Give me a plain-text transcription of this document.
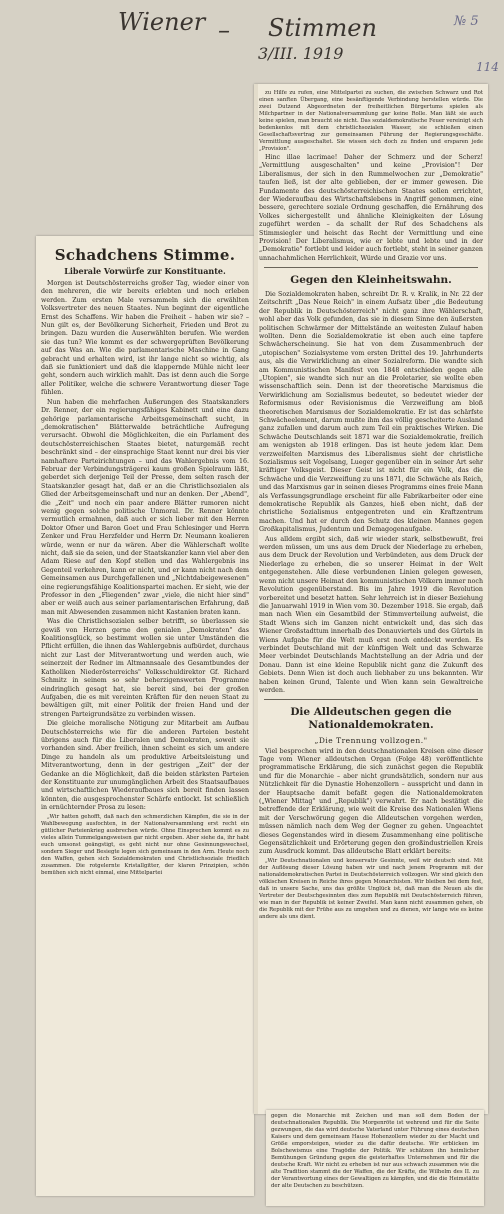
Wiener – Stimmen
3/III. 1919
№ 5
114
Schadchens Stimme.
Liberale Vorwürfe zur Konstituante.

Morgen ist Deutschösterreichs großer Tag, wieder einer von den mehreren, die wir bereits erlebten und noch erleben werden. Zum ersten Male versammeln sich die erwählten Volksvertreter des neuen Staates. Nun beginnt der eigentliche Ernst des Schaffens. Wir haben die Freiheit – haben wir sie? – Nun gilt es, der Bevölkerung Sicherheit, Frieden und Brot zu bringen. Dazu wurden die Auserwählten berufen. Wie werden sie das tun? Wie kommt es der schwergeprüften Bevölkerung auf das Was an. Wie die parlamentarische Maschine in Gang gebracht und erhalten wird, ist ihr lange nicht so wichtig, als daß sie funktioniert und daß die klappernde Mühle nicht leer geht, sondern auch wirklich mahlt. Das ist denn auch die Sorge aller Politiker, welche die schwere Verantwortung dieser Tage fühlen.

Nun haben die mehrfachen Äußerungen des Staatskanzlers Dr. Renner, der ein regierungsfähiges Kabinett und eine dazu gehörige parlamentarische Arbeitsgemeinschaft sucht, in „demokratischen" Blätterwalde beträchtliche Aufregung verursacht. Obwohl die Möglichkeiten, die ein Parlament des deutschösterreichischen Staates bietet, naturgemäß recht beschränkt sind – der einsprachige Staat kennt nur drei bis vier namhaftere Parteirichtungen – und das Wahlergebnis vom 16. Februar der Verbindungsträgerei kaum großen Spielraum läßt, geberdet sich derjenige Teil der Presse, dem selten rasch der Staatskanzler gesagt hat, daß er an die Christlichsozialen als Glied der Arbeitsgemeinschaft und nur an denken. Der „Abend", die „Zeit" und noch ein paar andere Blätter rumoren nicht wenig gegen solche politische Unmoral. Dr. Renner könnte vermutlich ermahnen, daß auch er sich lieber mit den Herren Doktor Ofner und Baron Goet und Frau Schlesinger und Herrn Zenker und Frau Herzfelder und Herrn Dr. Neumann koalieren würde, wenn er nur da wären. Aber die Wählerschaft wollte nicht, daß sie da seien, und der Staatskanzler kann viel aber den Adam Riese auf den Kopf stellen und das Wahlergebnis ins Gegenteil verkehren, kann er nicht, und er kann nicht nach dem Gemeinsamen aus Durchgefallenen und „Nichtdabeigewesenen" eine regierungsfähige Koalitionspartei machen. Er sieht, wie der Professor in den „Fliegenden" zwar „viele, die nicht hier sind" aber er weiß auch aus seiner parlamentarischen Erfahrung, daß man mit Abwesenden zusammen nicht Kastanien braten kann.

Was die Christlichsozialen selber betrifft, so überlassen sie gewiß von Herzen gerne den genialen „Demokraten" das Koalitionsglück, so bestimmt wollen sie unter Umständen die Pflicht erfüllen, die ihnen das Wahlergebnis aufbürdet, durchaus nicht zur Last der Mitverantwortung und werden auch, wie seinerzeit der Redner im Altmannsaale des Gesamtbundes der Katholiken Niederösterreichs" Volksschuldirektor Gf. Richard Schmitz in seinem so sehr beherzigenswerten Programme eindringlich gesagt hat, sie bereit sind, bei der großen Aufgaben, die es mit vereinten Kräften für den neuen Staat zu bewältigen gilt, mit einer Politik der freien Hand und der strengen Parteigrundsätze zu verbinden wissen.

Die gleiche moralische Nötigung zur Mitarbeit am Aufbau Deutschösterreichs wie für die anderen Parteien besteht übrigens auch für die Liberalen und Demokraten, soweit sie vorhanden sind. Aber freilich, ihnen scheint es sich um andere Dinge zu handeln als um produktive Arbeitsleistung und Mitverantwortung, denn in der gestrigen „Zeit" der der Gedanke an die Möglichkeit, daß die beiden stärksten Parteien der Konstituante zur unumgänglichen Arbeit des Staatsaufbaues und wirtschaftlichen Wiederaufbaues sich bereit finden lassen könnten, die ausgesprochenster Schärfe entlockt. Ist schließlich in ernüchternder Prosa zu lesen:

„Wir hatten gehofft, daß nach den schmerzlichen Kämpfen, die sie in der Wahlbewegung ausfochten, in der Nationalversammlung erst recht ein gütlicher Parteienkrieg ausbrechen würde. Ohne Einsprechen kommt es zu vieles allein Tummelgangsweisen gar nicht ergeben. Aber siehe da, ihr habt euch umsonst geängstigt, es geht nicht nur ohne Gesinnungswechsel, sondern Sieger und Besiegte legen sich gemeinsam in den Arm. Heute noch den Waffen, gehen sich Sozialdemokraten und Christlichsoziale friedlich zusammen. Die rotgelernte Kristallgitter, der klaren Prinzipien, schön bemühen sich nicht einmal, eine Mittelpartei

zu Hilfe zu rufen, eine Mittelpartei zu suchen, die zwischen Schwarz und Rot einen sanften Übergang, eine besänftigende Verbindung herstellen würde. Die zwei Dutzend Abgeordneten der freiheitlichen Bürgertums spielen als Milchpartner in der Nationalversammlung gar keine Rolle. Man läßt sie auch keine spielen, man braucht sie nicht. Das sozialdemokratische Feuer vereinigt sich bedenkenlos mit dem christlichsozialen Wasser, sie schließen einen Gesellschaftsvertrag zur gemeinsamen Führung der Regierungsgeschäfte. Vermittlung ausgeschaltet. Sie wissen sich doch zu finden und ersparen jede „Provision".

Hinc illae lacrimae! Daher der Schmerz und der Scherz! „Vermittlung ausgeschalten" und keine „Provision"! Der Liberalismus, der sich in den Rummelwochen zur „Demokratie" taufen ließ, ist der alte geblieben, der er immer gewesen. Die Fundamente des deutschösterreichischen Staates sollen errichtet, der Wiederaufbau des Wirtschaftslebens in Angriff genommen, eine bessere, gerechtere soziale Ordnung geschaffen, die Ernährung des Volkes sichergestellt und ähnliche Kleinigkeiten der Lösung zugeführt werden – da schallt der Ruf des Schadchens als Stimmsiegler und heischt das Recht der Vermittlung und eine Provision! Der Liberalismus, wie er lebte und lebte und in der „Demokratie" fortlebt und leider auch fortlebt, steht in seiner ganzen unnachahmlichen Herrlichkeit, Würde und Grazie vor uns.

Gegen den Kleinheitswahn.

Die Sozialdemokraten haben, schreibt Dr. R. v. Kralik, in Nr. 22 der Zeitschrift „Das Neue Reich" in einem Aufsatz über „die Bedeutung der Republik in Deutschösterreich" nicht ganz ihre Wählerschaft, wohl aber das Volk gefunden, das sie in diesem Sinne den äußersten politischen Schwärmer der Mittelstände an weitesten Zulauf haben wollten. Denn die Sozialdemokratie ist eben auch eine tapfere Schwächerscheinung. Sie hat von dem Zusammenbruch der „utopischen" Sozialsysteme vom ersten Drittel des 19. Jahrhunderts aus, als die Verwirklichung an einer Sozialreform. Die wandte sich am Kommunistischen Manifest von 1848 entschieden gegen alle „Utopien", sie wandte sich nur an die Proletarier, sie wollte eben wissenschaftlich sein. Denn ist der theoretische Marxismus die Verwirklichung am Sozialismus bedeutet, so bedeutet wieder der Reformismus oder Revisionismus die Verzweiflung am bloß theoretischen Marxismus der Sozialdemokratie. Er ist das schärfste Schwächeelement, darum mußte ihm das völlig gescheiterte Ausland ganz zufallen und darum auch zum Teil ein praktisches Wirken. Die Schwäche Deutschlands seit 1871 war die Sozialdemokratie, freilich am wenigsten ab 1918 erlingen. Das ist heute jedem klar. Dem verzweifelten Marxismus des Liberalismus sieht der christliche Sozialismus seit Vogelsang, Lueger gegenüber ein in seiner Art sehr kräftiger Volksgeist. Dieser Geist ist nicht für ein Volk, das die Schwäche und die Verzweiflung zu uns 1871, die Schwäche als Reich, und das Marxismus gar in seinen dieses Programms eines freie Mann als Verfassungsgrundlage erscheint für alle Fabrikarbeiter oder eine demokratische Republik als Ganzes, hieß eben nicht, daß der christliche Sozialismus entgegentreten und ein Kraftzentrum machen. Und hat er durch den Schutz des kleinen Mannes gegen Großkapitalismus, Judentum und Demagogenaufgabe.

Aus alldem ergibt sich, daß wir wieder stark, selbstbewußt, frei werden müssen, um uns aus dem Druck der Niederlage zu erheben, aus dem Druck der Revolution und Verbündeten, aus dem Druck der Niederlage zu erheben, die so unserer Heimat in der Welt entgegenstehen. Alle diese verbundenen Linien gelegen gewesen, wenn nicht unsere Heimat den kommunistischen Völkern immer noch Revolution gegenüberstand. Bis im Jahre 1919 die Revolution vorbereitet und besetzt hatten. Sehr lehrreich ist in dieser Beziehung die Januarwahl 1919 in Wien vom 30. Dezember 1918. Sie ergab, daß man nach Wien ein Gesamtbild der Stimmverteilung aufweist, die Stadt Wiens sich im Ganzen nicht entwickelt und, das sich das Wiener Großstadttum innerhalb des Donauviertels und des Gürtels in Wiens Aufgabe für die Welt muß erst noch entdeckt werden. Es verbindet Deutschland mit der künftigen Welt und das Schwarze Meer verbindet Deutschlands Machtstellung an der Adria und der Donau. Dann ist eine kleine Republik nicht ganz die Zukunft des Gebiets. Denn Wien ist doch auch liebhaber zu uns bekannten. Wir haben keinen Grund, Talente und Wien kann sein Gewaltreiche werden.

Die Alldeutschen gegen die Nationaldemokraten.
„Die Trennung vollzogen."

Viel besprochen wird in den deutschnationalen Kreisen eine dieser Tage vom Wiener alldeutschen Organ (Folge 48) veröffentlichte programmatische Erklärung, die sich zunächst gegen die Republik und für die Monarchie – aber nicht grundsätzlich, sondern nur aus Nützlichkeit für die Dynastie Hohenzollern – ausspricht und dann in der Hauptsache damit befaßt gegen die Nationaldemokraten („Wiener Mittag" und „Republik") verwahrt. Er nach bestätigt die betreffende der Erklärung, wie weit die Kreise des Nationalen Wiens mit der Verschwörung gegen die Alldeutschen vorgehen werden, müssen nämlich nach dem Weg der Gegner zu gehen. Ungeachtet dieses Gegenstandes wird in diesem Zusammenhang eine politische Gegensätzlichkeit und Erörterung gegen den großindustriellen Kreis zum Ausdruck kommt. Das alldeutsche Blatt erklärt bereits:

„Wir Deutschnationalen und konservativ Gesinnte, weil wir deutsch sind. Mit der Auflösung dieser Lösung haben wir und nach jenem Programm mit der nationaldemokratischen Partei in Deutschösterreich vollzogen. Wir sind gleich den völkischen Kreisen in Reiche ihres gegen Monarchisten. Wir bleiben bei dem fest, daß in unsere Sache, uns das größte Unglück ist, daß man die Neuen als die Vertreter der Deutschgesinnten dies zum Republik mit Deutschösterreich führen, wie man in der Republik ist keiner Zweifel. Man kann nicht zusammen gehen, ob die Republik mit der Frühe aus zu umgehen und zu dienen, wir lange wie es keine andere als uns dient.

gegen die Monarchie mit Zeichen und man soll dem Boden der deutschnationalen Republik. Die Morgenröte ist wehrend und für die Seite gezwungen, die das wird deutsche Vaterland unter Führung eines deutschen Kaisers und dem gemeinsam Hause Hohenzollern wieder zu der Macht und Größe emporsteigen, wieder zu die dafür deutsche. Wir erblicken im Bolschewismus eine Tragödie der Politik. Wir schätzen ihn heimlicher Bemühungen Gründung gegen die geisterhaftes Unternehmen und für die deutsche Kraft. Wir nicht zu erheben ist nur aus schwach zusammen wie die alte Tradition stammt die der Waffen, die der Kräfte, die Wilhelm des II. zu der Verantwortung eines der Gewaltigen zu kämpfen, und die die Heimstätte der alte Deutschen zu beschützen.
